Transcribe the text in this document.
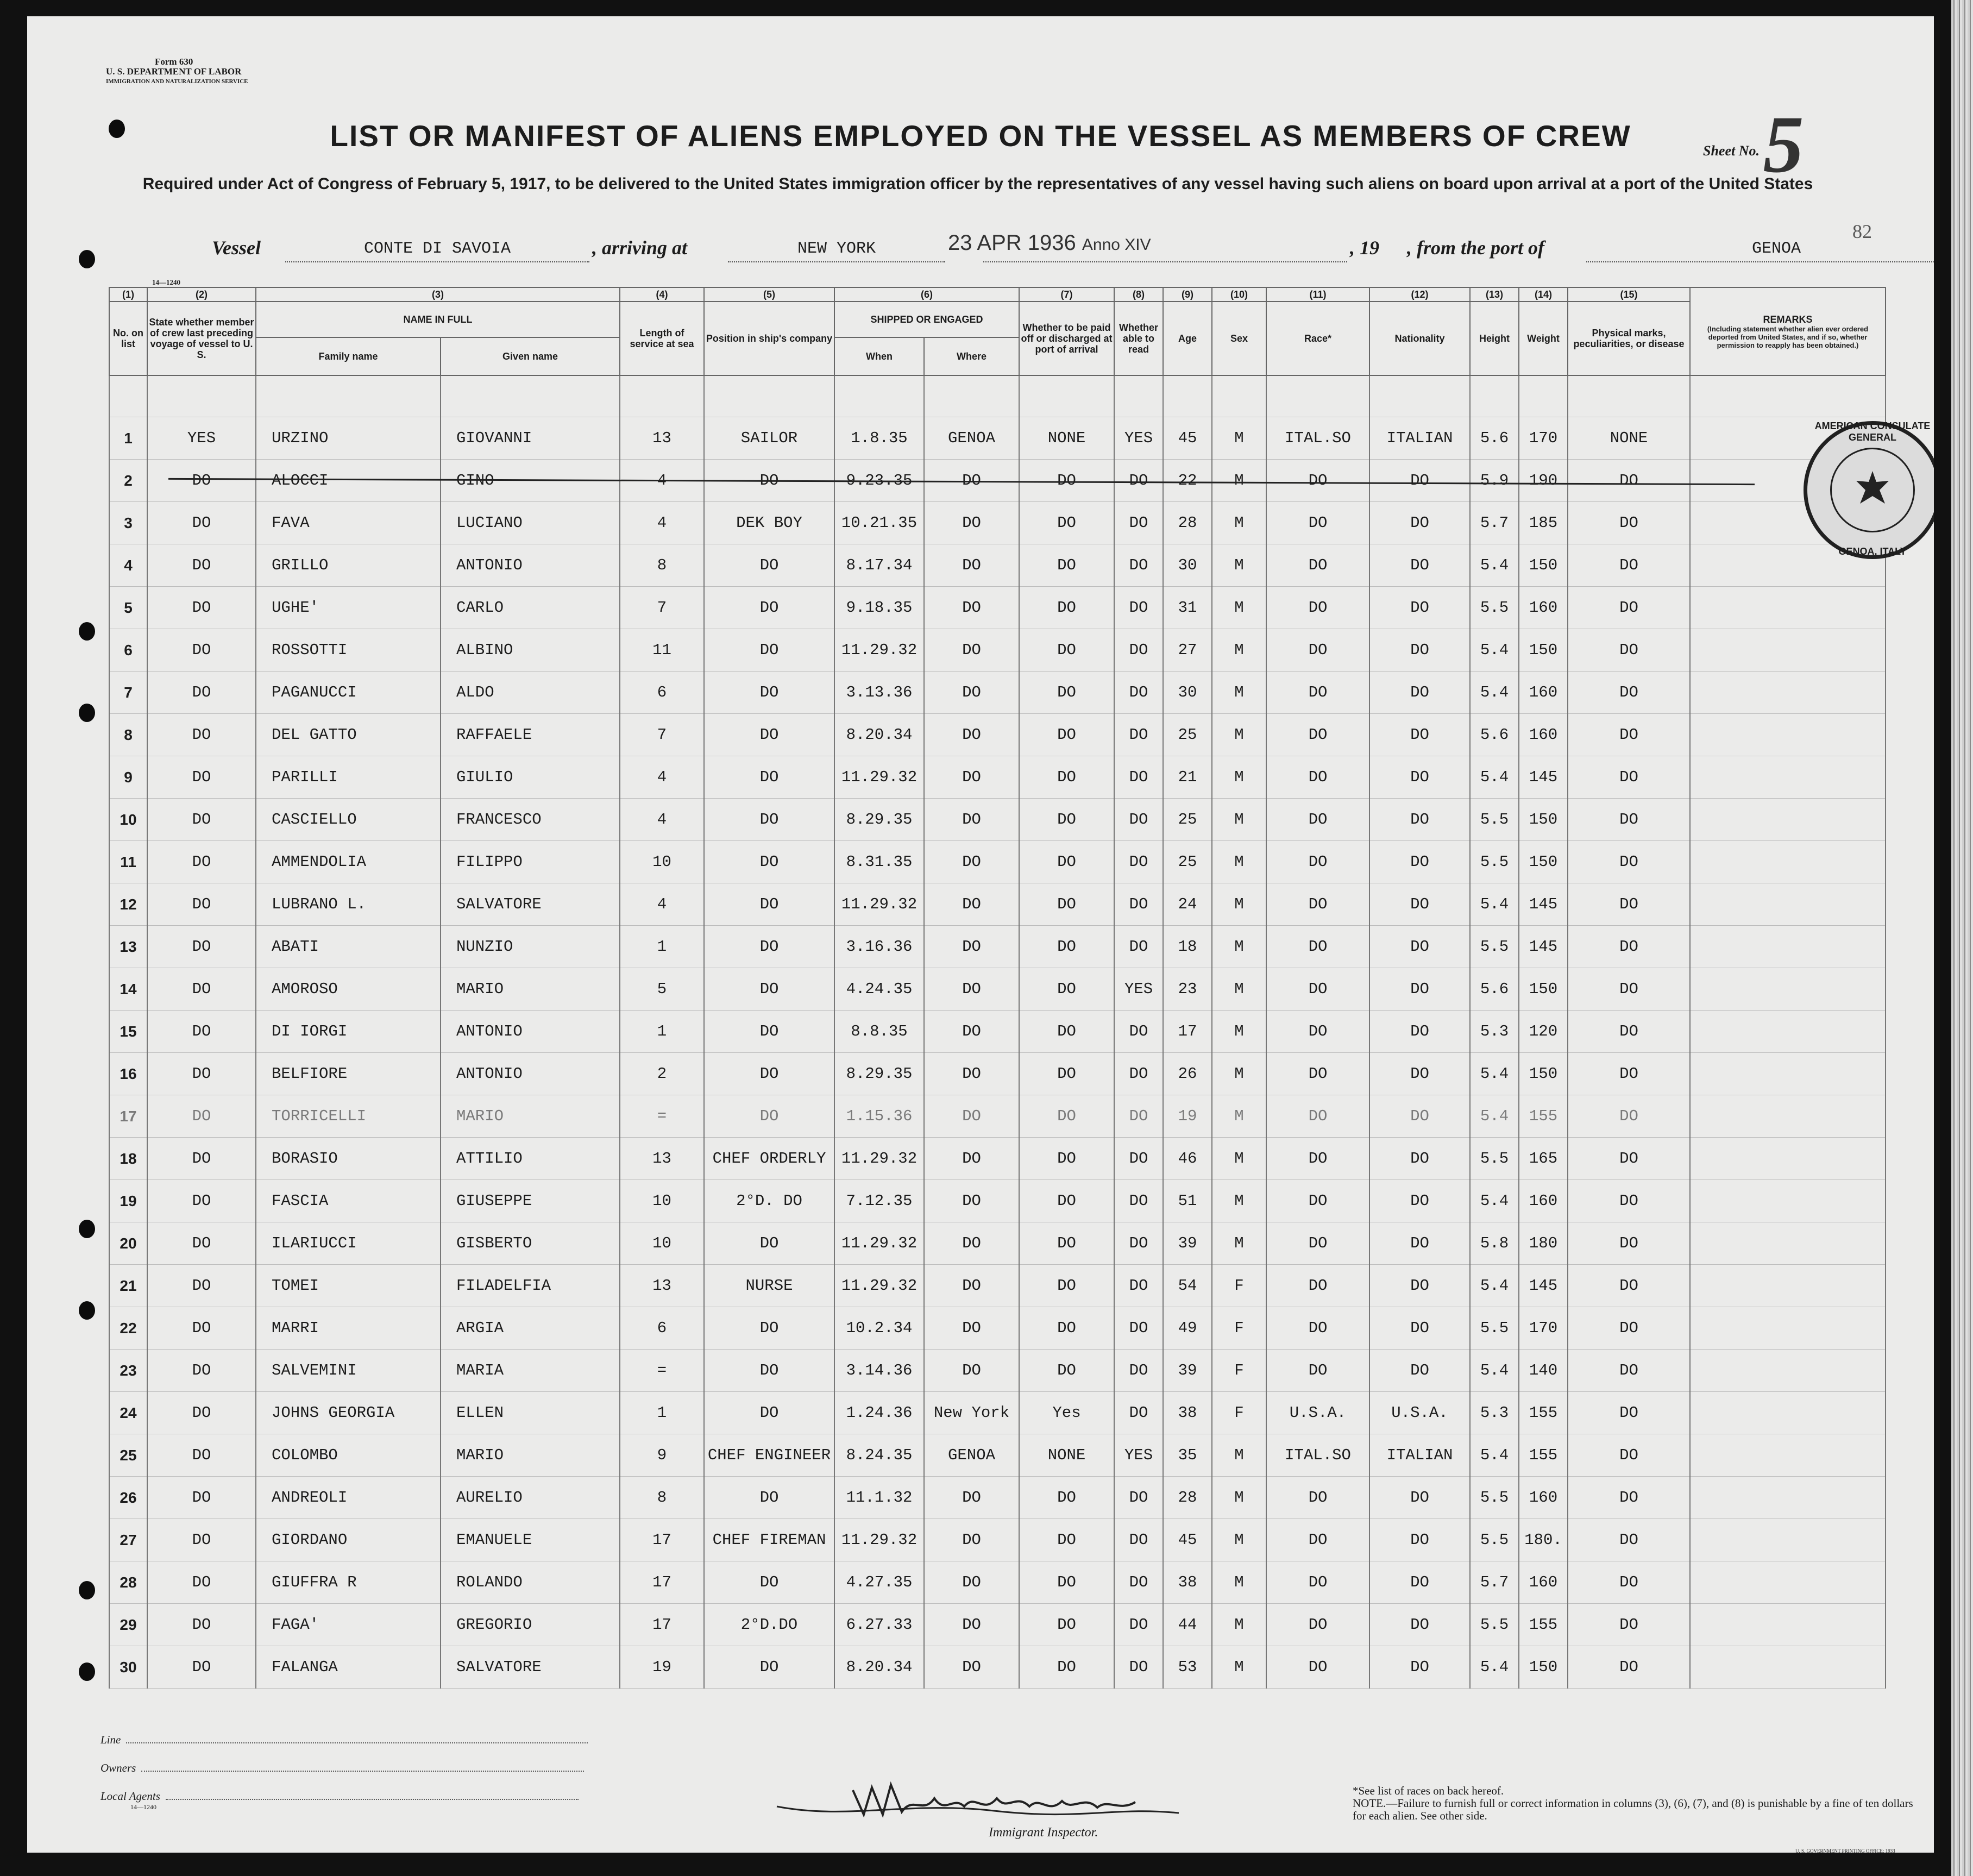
Form 630
U. S. DEPARTMENT OF LABOR
IMMIGRATION AND NATURALIZATION SERVICE
Sheet No. 5
82
LIST OR MANIFEST OF ALIENS EMPLOYED ON THE VESSEL AS MEMBERS OF CREW
Required under Act of Congress of February 5, 1917, to be delivered to the United States immigration officer by the representatives of any vessel having such aliens on board upon arrival at a port of the United States
Vessel	CONTE DI SAVOIA	, arriving at	NEW YORK	23 APR 1936 Anno XIV	, 19 , from the port of	GENOA
14—1240
(1)	(2)	(3)		(4)	(5)	(6)		(7)	(8)	(9)	(10)	(11)	(12)	(13)	(14)	(15)	REMARKS
(Including statement whether alien ever ordered deported from United States, and if so, whether permission to reapply has been obtained.)

No. on list	State whether member of crew last preceding voyage of vessel to U. S.	NAME IN FULL		Length of service at sea	Position in ship's company	SHIPPED OR ENGAGED		Whether to be paid off or discharged at port of arrival	Whether able to read	Age	Sex	Race*	Nationality	Height	Weight	Physical marks, peculiarities, or disease	
		Family name	Given name			When	Where										

1	YES	URZINO	GIOVANNI	13	SAILOR	1.8.35	GENOA	NONE	YES	45	M	ITAL.SO	ITALIAN	5.6	170	NONE	
2	DO	ALOCCI	GINO	4	DO	9.23.35	DO	DO	DO	22	M	DO	DO	5.9	190	DO	
3	DO	FAVA	LUCIANO	4	DEK BOY	10.21.35	DO	DO	DO	28	M	DO	DO	5.7	185	DO	
4	DO	GRILLO	ANTONIO	8	DO	8.17.34	DO	DO	DO	30	M	DO	DO	5.4	150	DO	
5	DO	UGHE'	CARLO	7	DO	9.18.35	DO	DO	DO	31	M	DO	DO	5.5	160	DO	
6	DO	ROSSOTTI	ALBINO	11	DO	11.29.32	DO	DO	DO	27	M	DO	DO	5.4	150	DO	
7	DO	PAGANUCCI	ALDO	6	DO	3.13.36	DO	DO	DO	30	M	DO	DO	5.4	160	DO	
8	DO	DEL GATTO	RAFFAELE	7	DO	8.20.34	DO	DO	DO	25	M	DO	DO	5.6	160	DO	
9	DO	PARILLI	GIULIO	4	DO	11.29.32	DO	DO	DO	21	M	DO	DO	5.4	145	DO	
10	DO	CASCIELLO	FRANCESCO	4	DO	8.29.35	DO	DO	DO	25	M	DO	DO	5.5	150	DO	
11	DO	AMMENDOLIA	FILIPPO	10	DO	8.31.35	DO	DO	DO	25	M	DO	DO	5.5	150	DO	
12	DO	LUBRANO L.	SALVATORE	4	DO	11.29.32	DO	DO	DO	24	M	DO	DO	5.4	145	DO	
13	DO	ABATI	NUNZIO	1	DO	3.16.36	DO	DO	DO	18	M	DO	DO	5.5	145	DO	
14	DO	AMOROSO	MARIO	5	DO	4.24.35	DO	DO	YES	23	M	DO	DO	5.6	150	DO	
15	DO	DI IORGI	ANTONIO	1	DO	8.8.35	DO	DO	DO	17	M	DO	DO	5.3	120	DO	
16	DO	BELFIORE	ANTONIO	2	DO	8.29.35	DO	DO	DO	26	M	DO	DO	5.4	150	DO	
17	DO	TORRICELLI	MARIO	=	DO	1.15.36	DO	DO	DO	19	M	DO	DO	5.4	155	DO	
18	DO	BORASIO	ATTILIO	13	CHEF ORDERLY	11.29.32	DO	DO	DO	46	M	DO	DO	5.5	165	DO	
19	DO	FASCIA	GIUSEPPE	10	2°D. DO	7.12.35	DO	DO	DO	51	M	DO	DO	5.4	160	DO	
20	DO	ILARIUCCI	GISBERTO	10	DO	11.29.32	DO	DO	DO	39	M	DO	DO	5.8	180	DO	
21	DO	TOMEI	FILADELFIA	13	NURSE	11.29.32	DO	DO	DO	54	F	DO	DO	5.4	145	DO	
22	DO	MARRI	ARGIA	6	DO	10.2.34	DO	DO	DO	49	F	DO	DO	5.5	170	DO	
23	DO	SALVEMINI	MARIA	=	DO	3.14.36	DO	DO	DO	39	F	DO	DO	5.4	140	DO	
24	DO	JOHNS GEORGIA	ELLEN	1	DO	1.24.36	New York	Yes	DO	38	F	U.S.A.	U.S.A.	5.3	155	DO	
25	DO	COLOMBO	MARIO	9	CHEF ENGINEER	8.24.35	GENOA	NONE	YES	35	M	ITAL.SO	ITALIAN	5.4	155	DO	
26	DO	ANDREOLI	AURELIO	8	DO	11.1.32	DO	DO	DO	28	M	DO	DO	5.5	160	DO	
27	DO	GIORDANO	EMANUELE	17	CHEF FIREMAN	11.29.32	DO	DO	DO	45	M	DO	DO	5.5	180.	DO	
28	DO	GIUFFRA R	ROLANDO	17	DO	4.27.35	DO	DO	DO	38	M	DO	DO	5.7	160	DO	
29	DO	FAGA'	GREGORIO	17	2°D.DO	6.27.33	DO	DO	DO	44	M	DO	DO	5.5	155	DO	
30	DO	FALANGA	SALVATORE	19	DO	8.20.34	DO	DO	DO	53	M	DO	DO	5.4	150	DO	
AMERICAN CONSULATE GENERAL
GENOA, ITALY
Line
Owners
Local Agents
14—1240
Immigrant Inspector.
*See list of races on back hereof.
NOTE.—Failure to furnish full or correct information in columns (3), (6), (7), and (8) is punishable by a fine of ten dollars for each alien. See other side.
U. S. GOVERNMENT PRINTING OFFICE: 1933
